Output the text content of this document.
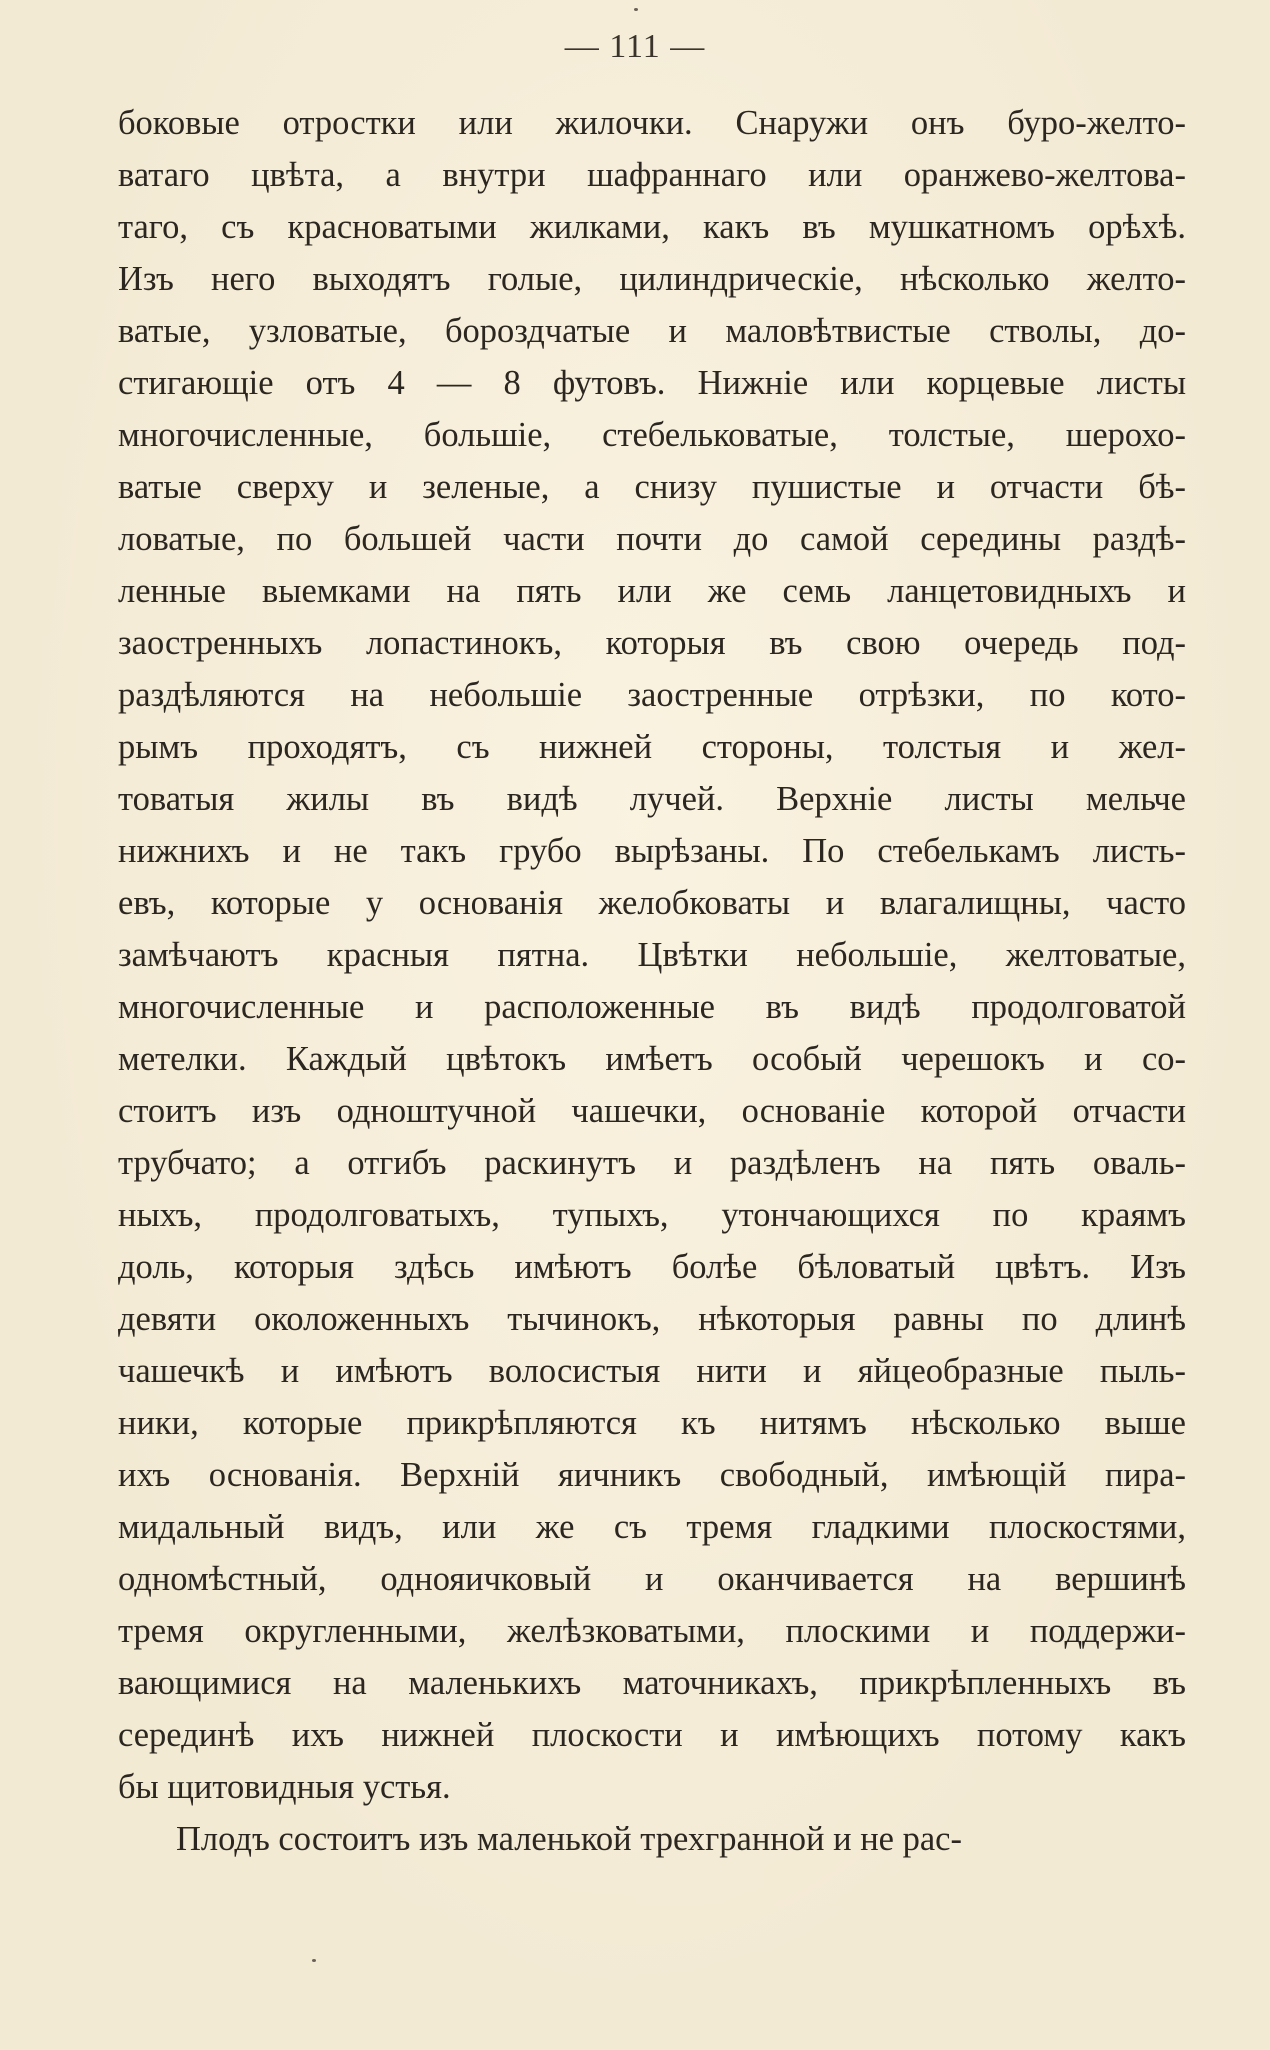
— 111 —
боковые отростки или жилочки. Снаружи онъ буро-желто-
ватаго цвѣта, а внутри шафраннаго или оранжево-желтова-
таго, съ красноватыми жилками, какъ въ мушкатномъ орѣхѣ.
Изъ него выходятъ голые, цилиндрическіе, нѣсколько желто-
ватые, узловатые, бороздчатые и маловѣтвистые стволы, до-
стигающіе отъ 4 — 8 футовъ. Нижніе или корцевые листы
многочисленные, большіе, стебельковатые, толстые, шерохо-
ватые сверху и зеленые, а снизу пушистые и отчасти бѣ-
ловатые, по большей части почти до самой середины раздѣ-
ленные выемками на пять или же семь ланцетовидныхъ и
заостренныхъ лопастинокъ, которыя въ свою очередь под-
раздѣляются на небольшіе заостренные отрѣзки, по кото-
рымъ проходятъ, съ нижней стороны, толстыя и жел-
товатыя жилы въ видѣ лучей. Верхніе листы мельче
нижнихъ и не такъ грубо вырѣзаны. По стебелькамъ листь-
евъ, которые у основанія желобковаты и влагалищны, часто
замѣчаютъ красныя пятна. Цвѣтки небольшіе, желтоватые,
многочисленные и расположенные въ видѣ продолговатой
метелки. Каждый цвѣтокъ имѣетъ особый черешокъ и со-
стоитъ изъ одноштучной чашечки, основаніе которой отчасти
трубчато; а отгибъ раскинутъ и раздѣленъ на пять оваль-
ныхъ, продолговатыхъ, тупыхъ, утончающихся по краямъ
доль, которыя здѣсь имѣютъ болѣе бѣловатый цвѣтъ. Изъ
девяти околоженныхъ тычинокъ, нѣкоторыя равны по длинѣ
чашечкѣ и имѣютъ волосистыя нити и яйцеобразные пыль-
ники, которые прикрѣпляются къ нитямъ нѣсколько выше
ихъ основанія. Верхній яичникъ свободный, имѣющій пира-
мидальный видъ, или же съ тремя гладкими плоскостями,
одномѣстный, однояичковый и оканчивается на вершинѣ
тремя округленными, желѣзковатыми, плоскими и поддержи-
вающимися на маленькихъ маточникахъ, прикрѣпленныхъ въ
серединѣ ихъ нижней плоскости и имѣющихъ потому какъ
бы щитовидныя устья.
Плодъ состоитъ изъ маленькой трехгранной и не рас-
